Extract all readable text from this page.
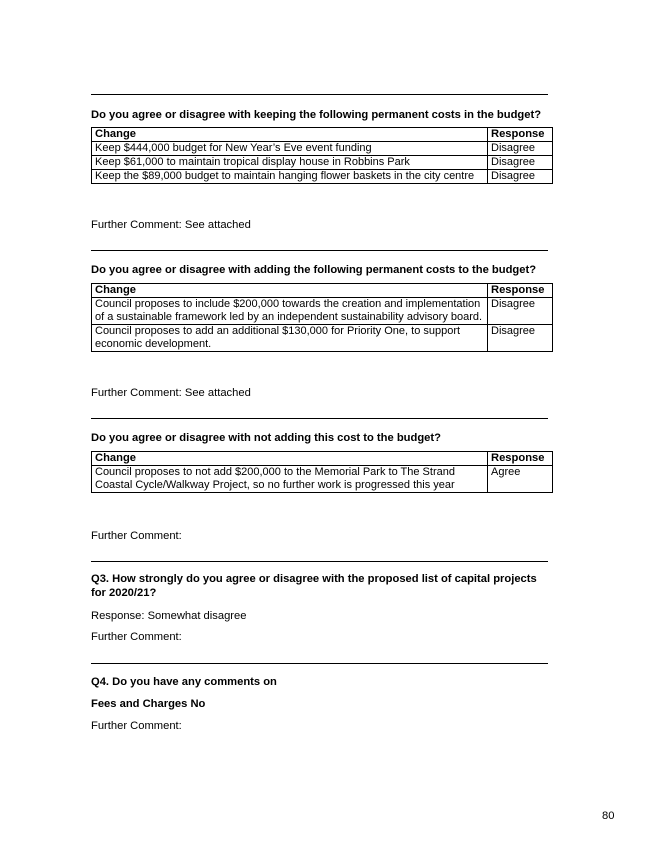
Do you agree or disagree with keeping the following permanent costs in the budget?
Change	Response
Keep $444,000 budget for New Year’s Eve event funding	Disagree
Keep $61,000 to maintain tropical display house in Robbins Park	Disagree
Keep the $89,000 budget to maintain hanging flower baskets in the city centre	Disagree
Further Comment: See attached
Do you agree or disagree with adding the following permanent costs to the budget?
Change	Response
Council proposes to include $200,000 towards the creation and implementation of a sustainable framework led by an independent sustainability advisory board.	Disagree
Council proposes to add an additional $130,000 for Priority One, to support economic development.	Disagree
Further Comment: See attached
Do you agree or disagree with not adding this cost to the budget?
Change	Response
Council proposes to not add $200,000 to the Memorial Park to The Strand Coastal Cycle/Walkway Project, so no further work is progressed this year	Agree
Further Comment:
Q3. How strongly do you agree or disagree with the proposed list of capital projects for 2020/21?
Response: Somewhat disagree
Further Comment:
Q4. Do you have any comments on
Fees and Charges No
Further Comment:
80
